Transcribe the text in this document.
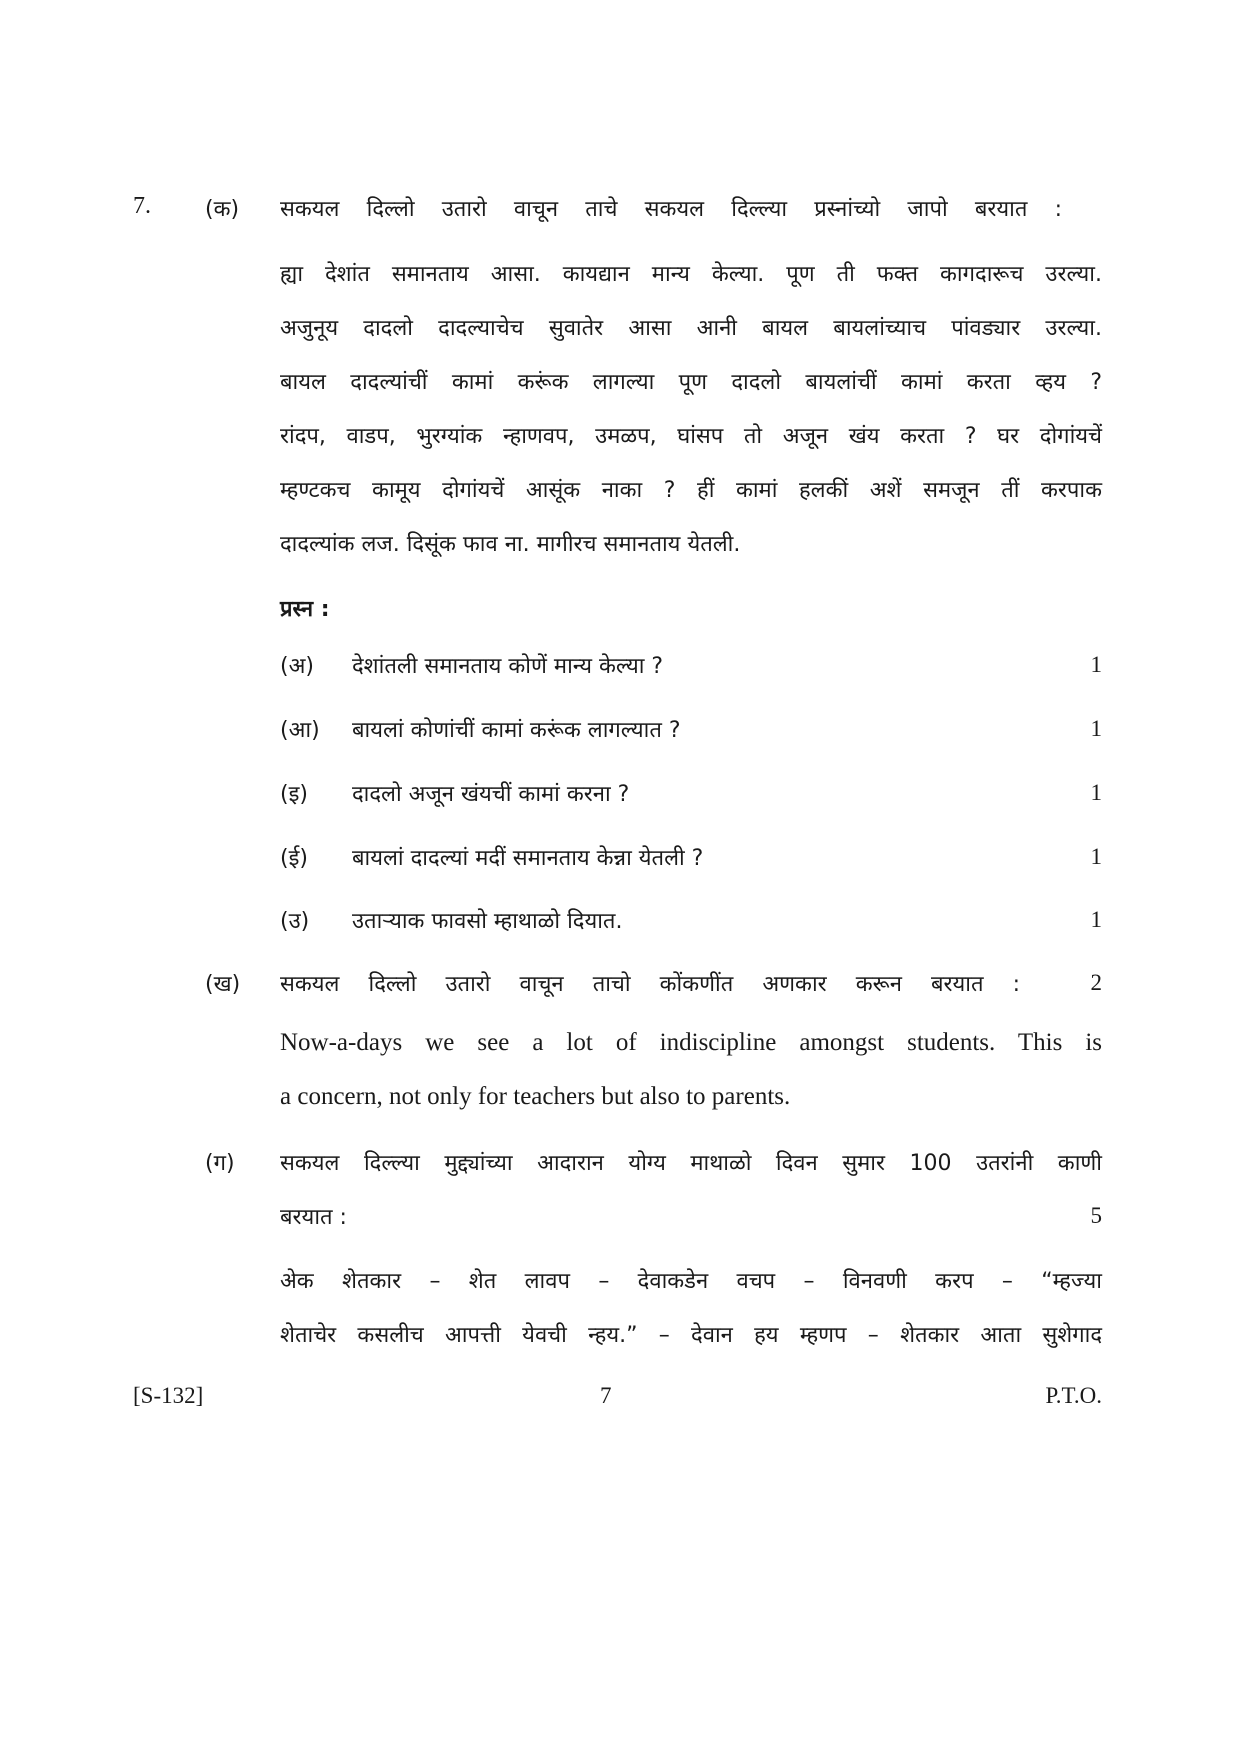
7. (क) सकयल दिल्लो उतारो वाचून ताचे सकयल दिल्ल्या प्रस्नांच्यो जापो बरयात :
ह्या देशांत समानताय आसा. कायद्यान मान्य केल्या. पूण ती फक्त कागदारूच उरल्या.
अजुनूय दादलो दादल्याचेच सुवातेर आसा आनी बायल बायलांच्याच पांवड्यार उरल्या.
बायल दादल्यांचीं कामां करूंक लागल्या पूण दादलो बायलांचीं कामां करता व्हय ?
रांदप, वाडप, भुरग्यांक न्हाणवप, उमळप, घांसप तो अजून खंय करता ? घर दोगांयचें
म्हण्टकच कामूय दोगांयचें आसूंक नाका ? हीं कामां हलकीं अशें समजून तीं करपाक
दादल्यांक लज. दिसूंक फाव ना. मागीरच समानताय येतली.
प्रस्न :
(अ) देशांतली समानताय कोणें मान्य केल्या ?	1
(आ) बायलां कोणांचीं कामां करूंक लागल्यात ?	1
(इ) दादलो अजून खंयचीं कामां करना ?	1
(ई) बायलां दादल्यां मदीं समानताय केन्ना येतली ?	1
(उ) उताऱ्याक फावसो म्हाथाळो दियात.	1
(ख) सकयल दिल्लो उतारो वाचून ताचो कोंकणींत अणकार करून बरयात :	2
Now-a-days we see a lot of indiscipline amongst students. This is
a concern, not only for teachers but also to parents.
(ग) सकयल दिल्ल्या मुद्द्यांच्या आदारान योग्य माथाळो दिवन सुमार 100 उतरांनी काणी
बरयात :	5
अेक शेतकार – शेत लावप – देवाकडेन वचप – विनवणी करप – “म्हज्या
शेताचेर कसलीच आपत्ती येवची न्हय.” – देवान हय म्हणप – शेतकार आता सुशेगाद
[S-132]	7	P.T.O.
